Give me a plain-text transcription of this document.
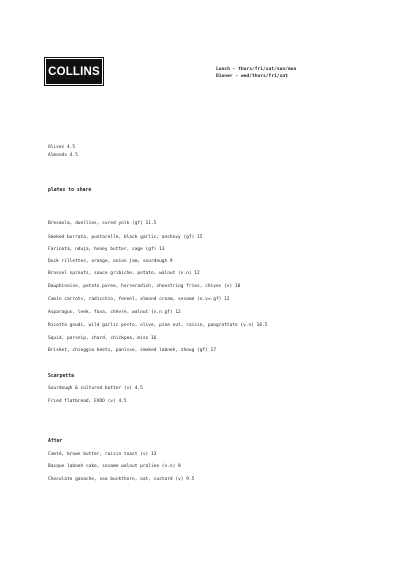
COLLINS	Lunch - thurs/fri/sat/sun/mon
Dinner - wed/thurs/fri/sat
Olives 4.5
Almonds 4.5
plates to share
Bresaola, duellies, cured yolk (gf) 11.5
Smoked burrata, puntarelle, black garlic, anchovy (gf) 15
Farinata, nduja, honey butter, sage (gf) 13
Duck rillettes, orange, onion jam, sourdough 9
Brussel sprouts, sauce gribiche, potato, walnut (v.n) 12
Dauphinoise, potato puree, horseradish, shoestring fries, chives (v) 10
Cumin carrots, radicchio, fennel, almond cream, sesame (n.v+.gf) 12
Asparagus, leek, fava, chèvre, walnut (v.n.gf) 12
Ricotta gnudi, wild garlic pesto, olive, pine nut, raisin, pangrattato (v.n) 16.5
Squid, parsnip, chard, chickpea, miso 16
Brisket, chioggia beets, panisse, smoked labneh, zhoug (gf) 17
Scarpetta
Sourdough & cultured butter (v) 4.5
Fried flatbread, EVOO (v) 4.5
After
Comté, brown butter, raisin toast (v) 13
Basque labneh cake, sesame walnut praline (v.n) 8
Chocolate ganache, sea buckthorn, oat, custard (v) 9.5
